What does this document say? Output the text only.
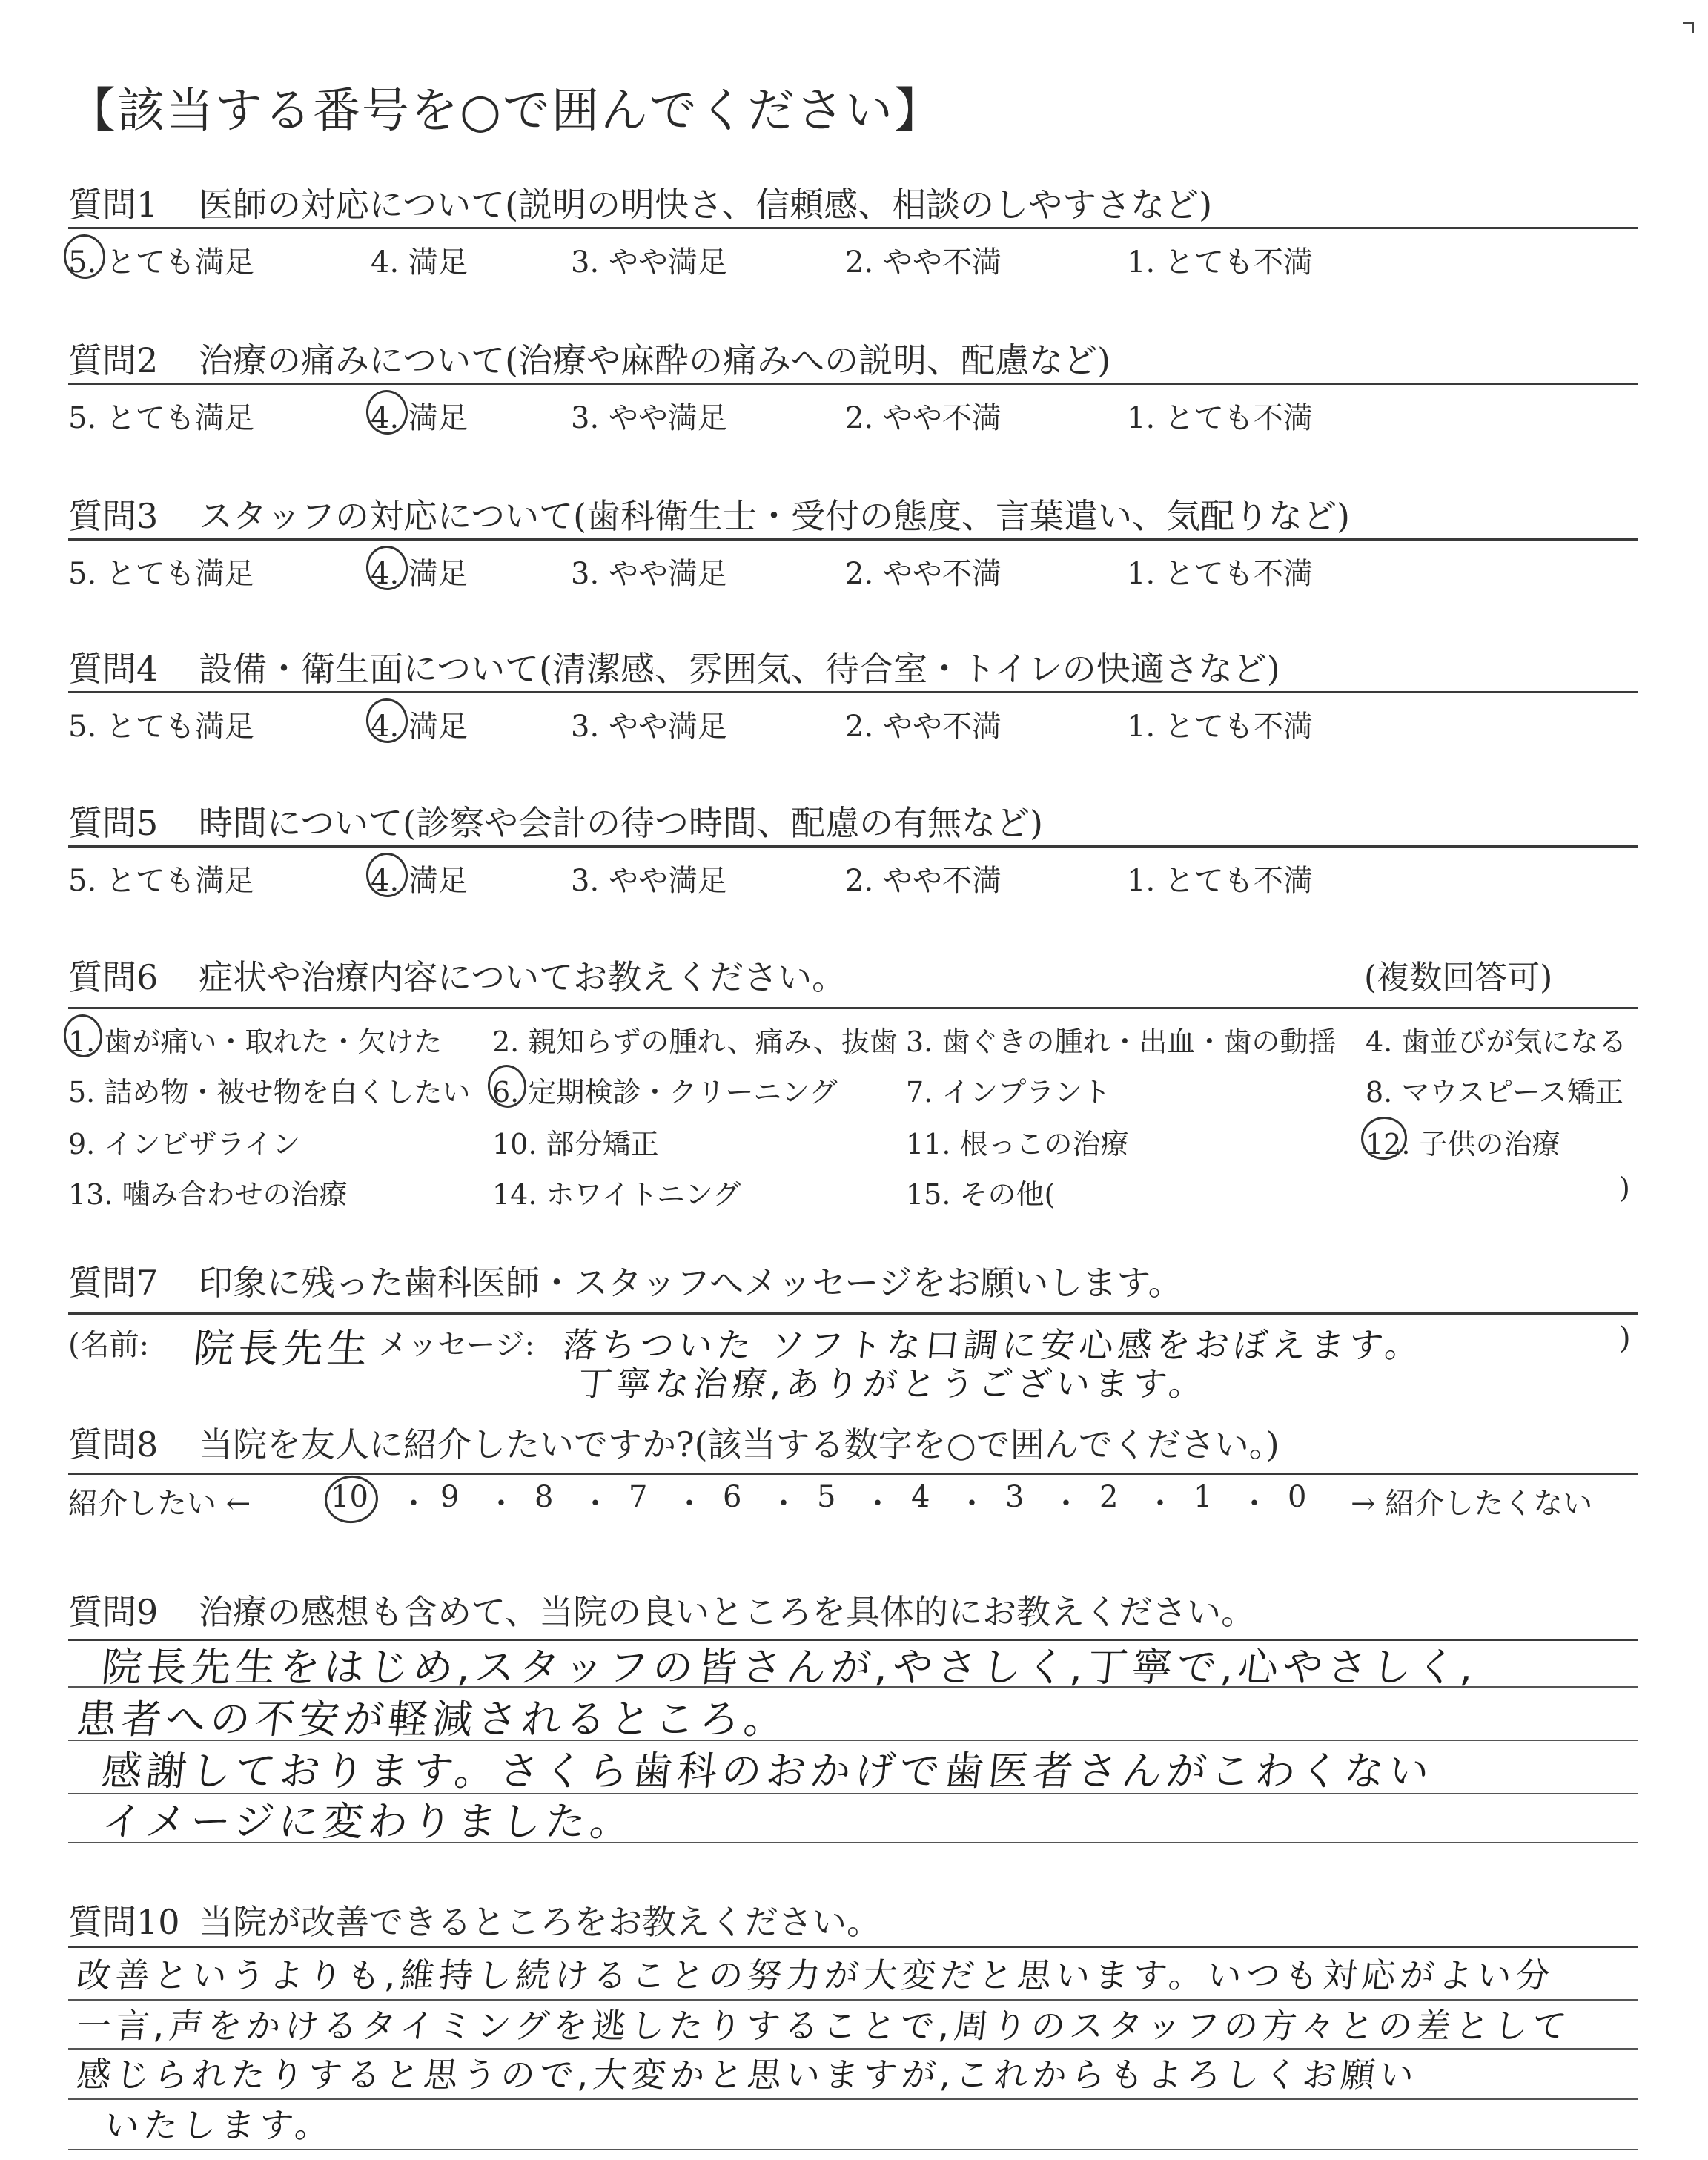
【該当する番号を○で囲んでください】
質問1 医師の対応について(説明の明快さ、信頼感、相談のしやすさなど)
5. とても満足	4. 満足	3. やや満足	2. やや不満	1. とても不満
質問2 治療の痛みについて(治療や麻酔の痛みへの説明、配慮など)
5. とても満足	4. 満足	3. やや満足	2. やや不満	1. とても不満
質問3 スタッフの対応について(歯科衛生士・受付の態度、言葉遣い、気配りなど)
5. とても満足	4. 満足	3. やや満足	2. やや不満	1. とても不満
質問4 設備・衛生面について(清潔感、雰囲気、待合室・トイレの快適さなど)
5. とても満足	4. 満足	3. やや満足	2. やや不満	1. とても不満
質問5 時間について(診察や会計の待つ時間、配慮の有無など)
5. とても満足	4. 満足	3. やや満足	2. やや不満	1. とても不満
質問6 症状や治療内容についてお教えください。	(複数回答可)
1. 歯が痛い・取れた・欠けた 2. 親知らずの腫れ、痛み、抜歯 3. 歯ぐきの腫れ・出血・歯の動揺 4. 歯並びが気になる
5. 詰め物・被せ物を白くしたい 6. 定期検診・クリーニング 7. インプラント	8. マウスピース矯正
9. インビザライン	10. 部分矯正	11. 根っこの治療	12. 子供の治療
13. 噛み合わせの治療	14. ホワイトニング	15. その他(	)
質問7 印象に残った歯科医師・スタッフへメッセージをお願いします。
(名前: 院長先生 メッセージ: 落ちついた ソフトな口調に安心感をおぼえます。
丁寧な治療,ありがとうございます。
)
質問8 当院を友人に紹介したいですか?(該当する数字を○で囲んでください。)
紹介したい ←	10 ・ 9 ・ 8 ・ 7 ・ 6 ・ 5 ・ 4 ・ 3 ・ 2 ・ 1 ・ 0 → 紹介したくない
質問9 治療の感想も含めて、当院の良いところを具体的にお教えください。
院長先生をはじめ,スタッフの皆さんが,やさしく,丁寧で,心やさしく,
患者への不安が軽減されるところ。
感謝しております。さくら歯科のおかげで歯医者さんがこわくない
イメージに変わりました。
質問10 当院が改善できるところをお教えください。
改善というよりも,維持し続けることの努力が大変だと思います。いつも対応がよい分
一言,声をかけるタイミングを逃したりすることで,周りのスタッフの方々との差として
感じられたりすると思うので,大変かと思いますが,これからもよろしくお願い
いたします。
